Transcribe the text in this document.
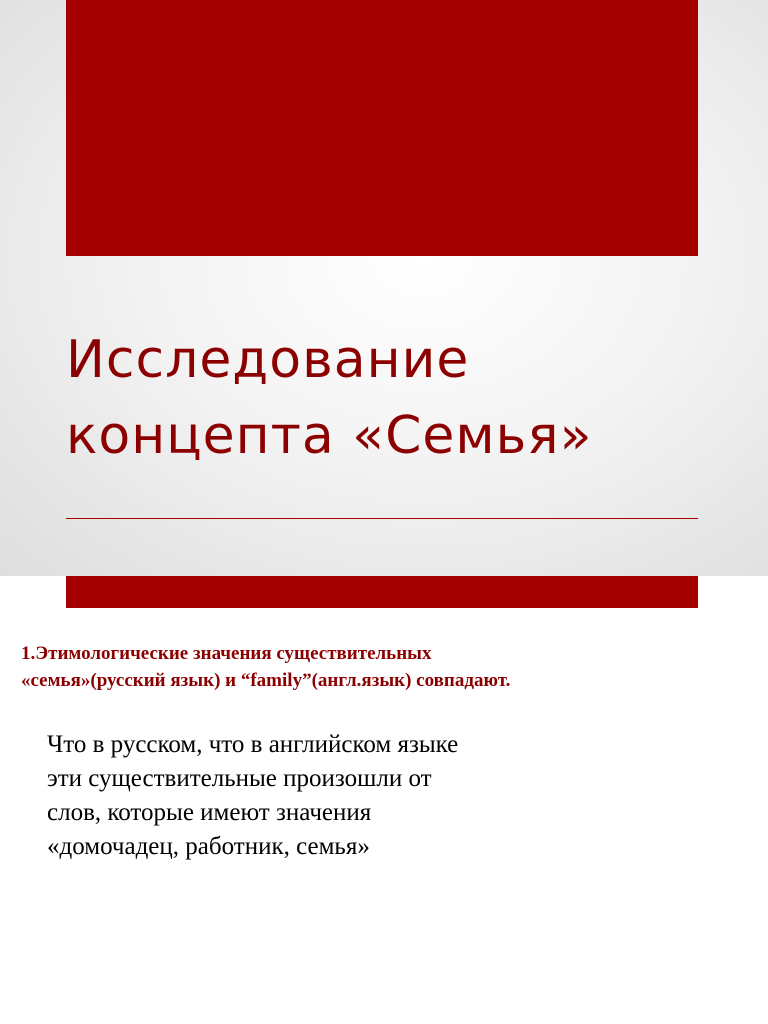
Исследование
концепта «Семья»

1.Этимологические значения существительных
«семья»(русский язык) и “family”(англ.язык) совпадают.

Что в русском, что в английском языке
эти существительные произошли от
слов, которые имеют значения
«домочадец, работник, семья»
